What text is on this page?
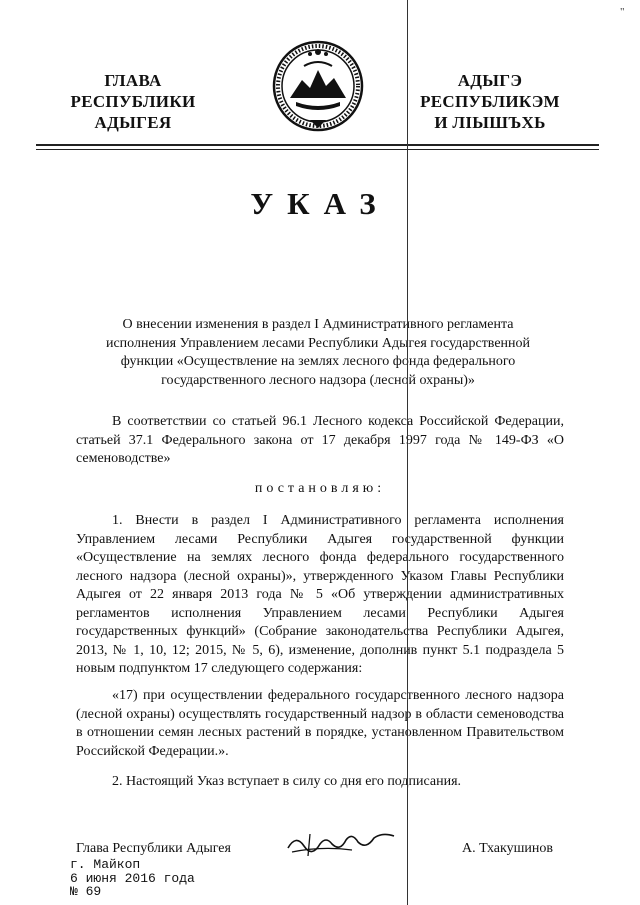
"
ГЛАВА
РЕСПУБЛИКИ АДЫГЕЯ
АДЫГЭ РЕСПУБЛИКЭМ
И ЛІЫШЪХЬ
УКАЗ
О внесении изменения в раздел I Административного регламента исполнения Управлением лесами Республики Адыгея государственной функции «Осуществление на землях лесного фонда федерального государственного лесного надзора (лесной охраны)»
В соответствии со статьей 96.1 Лесного кодекса Российской Федерации, статьей 37.1 Федерального закона от 17 декабря 1997 года № 149-ФЗ «О семеноводстве»
постановляю:
1. Внести в раздел I Административного регламента исполнения Управлением лесами Республики Адыгея государственной функции «Осуществление на землях лесного фонда федерального государственного лесного надзора (лесной охраны)», утвержденного Указом Главы Республики Адыгея от 22 января 2013 года № 5 «Об утверждении административных регламентов исполнения Управлением лесами Республики Адыгея государственных функций» (Собрание законодательства Республики Адыгея, 2013, № 1, 10, 12; 2015, № 5, 6), изменение, дополнив пункт 5.1 подраздела 5 новым подпунктом 17 следующего содержания:
«17) при осуществлении федерального государственного лесного надзора (лесной охраны) осуществлять государственный надзор в области семеноводства в отношении семян лесных растений в порядке, установленном Правительством Российской Федерации.».
2. Настоящий Указ вступает в силу со дня его подписания.
Глава Республики Адыгея	А. Тхакушинов
г. Майкоп
6 июня 2016 года
№ 69
